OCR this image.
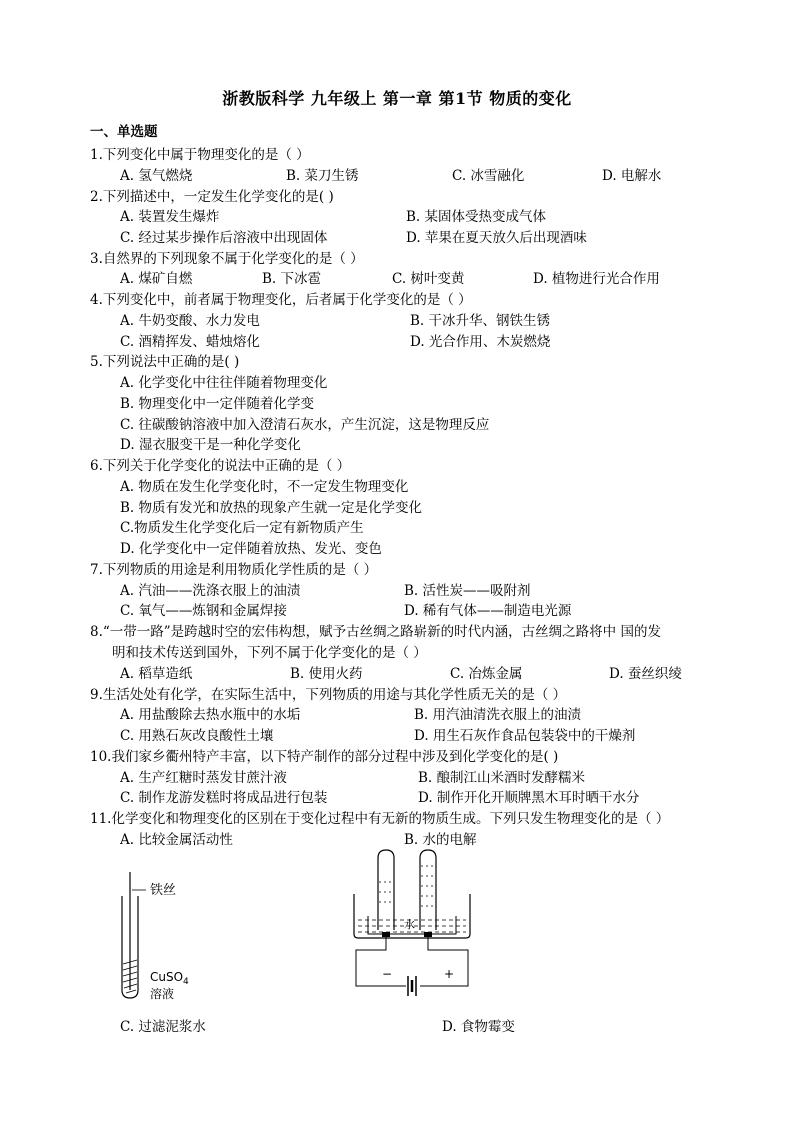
浙教版科学 九年级上 第一章 第1节 物质的变化
一、单选题
1.下列变化中属于物理变化的是（ ）
A. 氢气燃烧	B. 菜刀生锈	C. 冰雪融化	D. 电解水
2.下列描述中，一定发生化学变化的是( )
A. 装置发生爆炸	B. 某固体受热变成气体
C. 经过某步操作后溶液中出现固体	D. 苹果在夏天放久后出现酒味
3.自然界的下列现象不属于化学变化的是（ ）
A. 煤矿自燃	B. 下冰雹	C. 树叶变黄	D. 植物进行光合作用
4.下列变化中，前者属于物理变化，后者属于化学变化的是（ ）
A. 牛奶变酸、水力发电	B. 干冰升华、钢铁生锈
C. 酒精挥发、蜡烛熔化	D. 光合作用、木炭燃烧
5.下列说法中正确的是( )
A. 化学变化中往往伴随着物理变化
B. 物理变化中一定伴随着化学变
C. 往碳酸钠溶液中加入澄清石灰水，产生沉淀，这是物理反应
D. 湿衣服变干是一种化学变化
6.下列关于化学变化的说法中正确的是（ ）
A. 物质在发生化学变化时，不一定发生物理变化
B. 物质有发光和放热的现象产生就一定是化学变化
C.物质发生化学变化后一定有新物质产生
D. 化学变化中一定伴随着放热、发光、变色
7.下列物质的用途是利用物质化学性质的是（ ）
A. 汽油——洗涤衣服上的油渍	B. 活性炭——吸附剂
C. 氧气——炼钢和金属焊接	D. 稀有气体——制造电光源
8.“一带一路”是跨越时空的宏伟构想，赋予古丝绸之路崭新的时代内涵，古丝绸之路将中 国的发
明和技术传送到国外，下列不属于化学变化的是（ ）
A. 稻草造纸	B. 使用火药	C. 冶炼金属	D. 蚕丝织绫
9.生活处处有化学，在实际生活中，下列物质的用途与其化学性质无关的是（ ）
A. 用盐酸除去热水瓶中的水垢	B. 用汽油清洗衣服上的油渍
C. 用熟石灰改良酸性土壤	D. 用生石灰作食品包装袋中的干燥剂
10.我们家乡衢州特产丰富，以下特产制作的部分过程中涉及到化学变化的是( )
A. 生产红糖时蒸发甘蔗汁液	B. 酿制江山米酒时发酵糯米
C. 制作龙游发糕时将成品进行包装	D. 制作开化开顺牌黑木耳时晒干水分
11.化学变化和物理变化的区别在于变化过程中有无新的物质生成。下列只发生物理变化的是（ ）
A. 比较金属活动性	B. 水的电解
铁丝
CuSO$_4$
溶液
水
−	+
C. 过滤泥浆水	D. 食物霉变
